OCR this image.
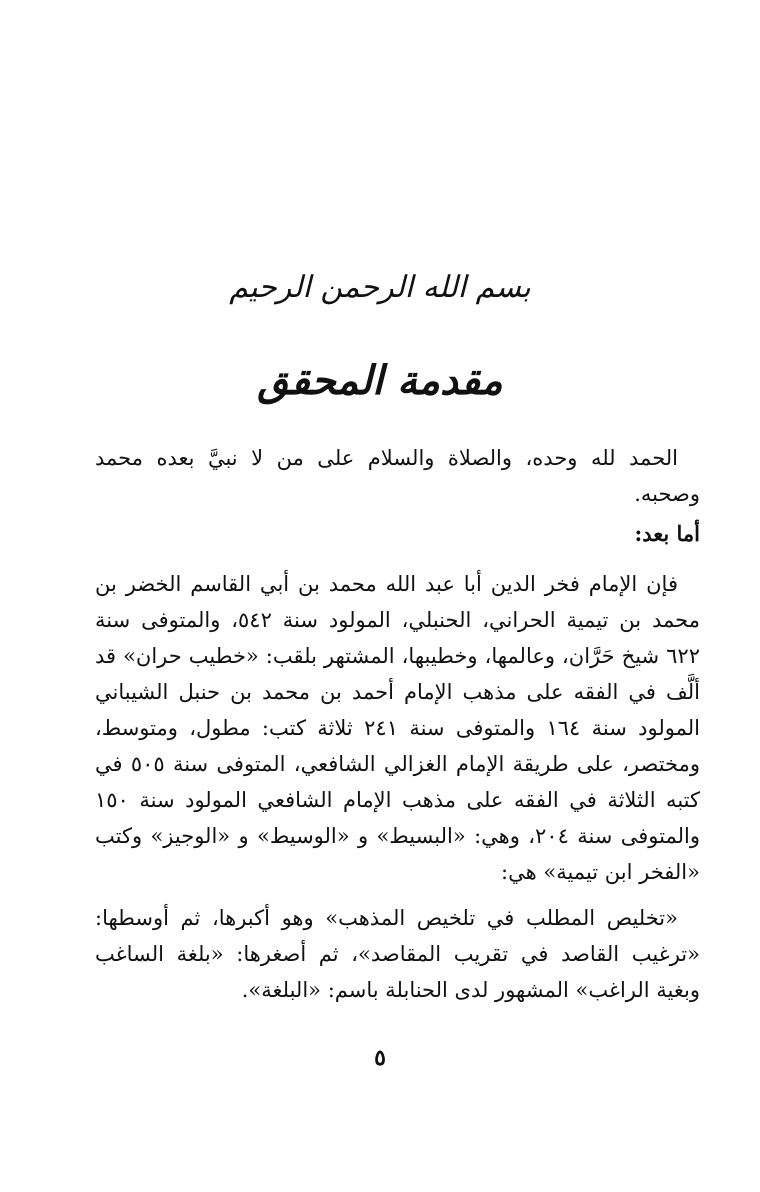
بسم الله الرحمن الرحيم
مقدمة المحقق

الحمد لله وحده، والصلاة والسلام على من لا نبيَّ بعده محمد وصحبه.

أما بعد:

فإن الإمام فخر الدين أبا عبد الله محمد بن أبي القاسم الخضر بن محمد بن تيمية الحراني، الحنبلي، المولود سنة ٥٤٢، والمتوفى سنة ٦٢٢ شيخ حَرَّان، وعالمها، وخطيبها، المشتهر بلقب: «خطيب حران» قد ألَّف في الفقه على مذهب الإمام أحمد بن محمد بن حنبل الشيباني المولود سنة ١٦٤ والمتوفى سنة ٢٤١ ثلاثة كتب: مطول، ومتوسط، ومختصر، على طريقة الإمام الغزالي الشافعي، المتوفى سنة ٥٠٥ في كتبه الثلاثة في الفقه على مذهب الإمام الشافعي المولود سنة ١٥٠ والمتوفى سنة ٢٠٤، وهي: «البسيط» و «الوسيط» و «الوجيز» وكتب «الفخر ابن تيمية» هي:

«تخليص المطلب في تلخيص المذهب» وهو أكبرها، ثم أوسطها: «ترغيب القاصد في تقريب المقاصد»، ثم أصغرها: «بلغة الساغب وبغية الراغب» المشهور لدى الحنابلة باسم: «البلغة».

٥
